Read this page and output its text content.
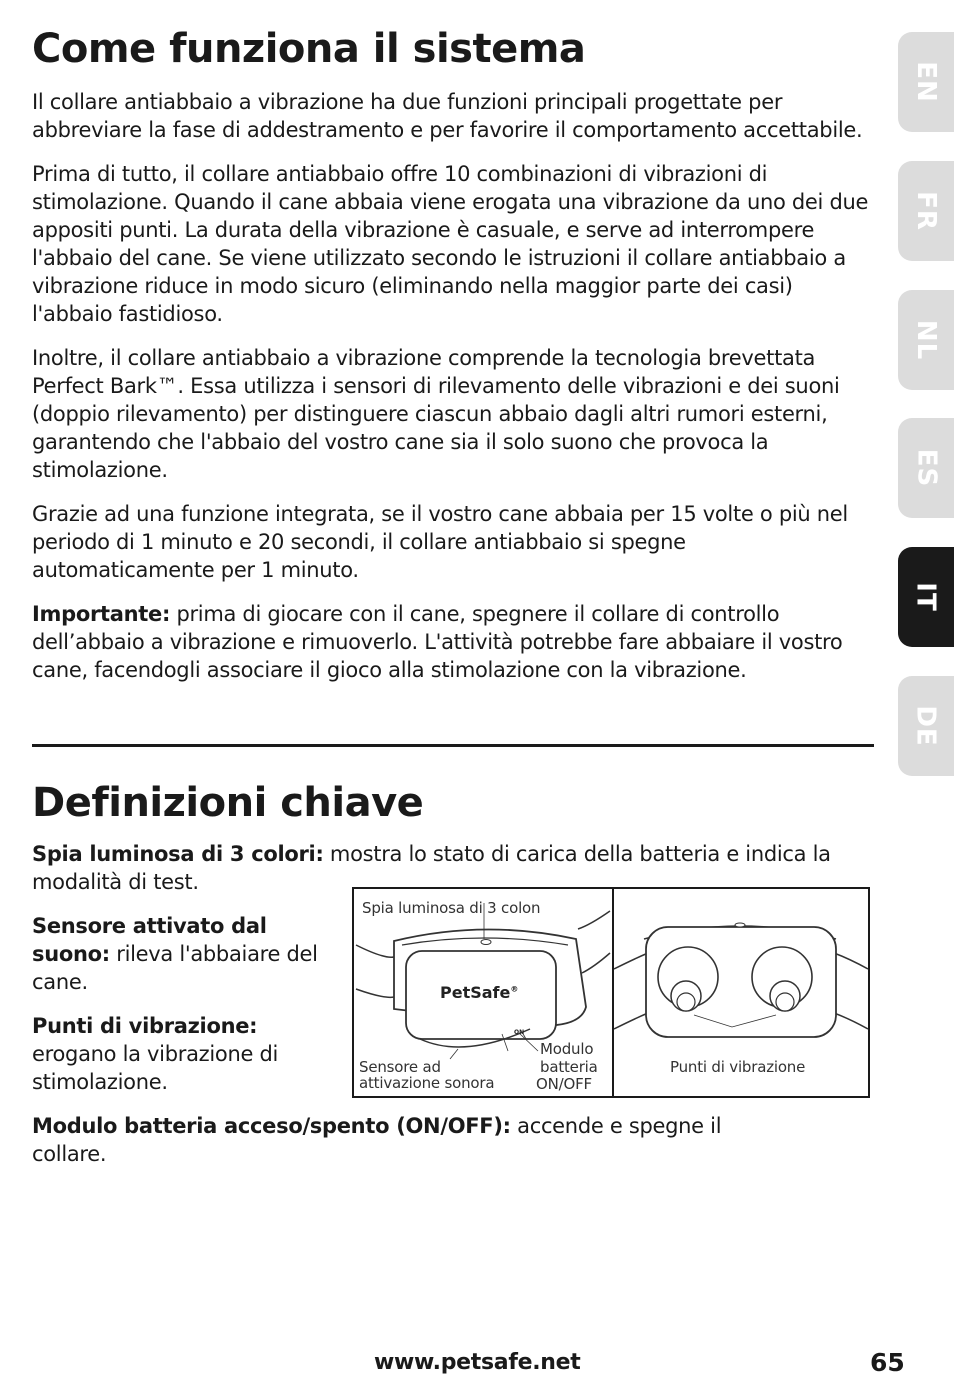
Come funziona il sistema

Il collare antiabbaio a vibrazione ha due funzioni principali progettate per abbreviare la fase di addestramento e per favorire il comportamento accettabile.

Prima di tutto, il collare antiabbaio offre 10 combinazioni di vibrazioni di stimolazione. Quando il cane abbaia viene erogata una vibrazione da uno dei due appositi punti. La durata della vibrazione è casuale, e serve ad interrompere l'abbaio del cane. Se viene utilizzato secondo le istruzioni il collare antiabbaio a vibrazione riduce in modo sicuro (eliminando nella maggior parte dei casi) l'abbaio fastidioso.

Inoltre, il collare antiabbaio a vibrazione comprende la tecnologia brevettata Perfect Bark™. Essa utilizza i sensori di rilevamento delle vibrazioni e dei suoni (doppio rilevamento) per distinguere ciascun abbaio dagli altri rumori esterni, garantendo che l'abbaio del vostro cane sia il solo suono che provoca la stimolazione.

Grazie ad una funzione integrata, se il vostro cane abbaia per 15 volte o più nel periodo di 1 minuto e 20 secondi, il collare antiabbaio si spegne automaticamente per 1 minuto.

Importante: prima di giocare con il cane, spegnere il collare di controllo dell’abbaio a vibrazione e rimuoverlo. L'attività potrebbe fare abbaiare il vostro cane, facendogli associare il gioco alla stimolazione con la vibrazione.

Definizioni chiave

Spia luminosa di 3 colori: mostra lo stato di carica della batteria e indica la modalità di test.

Sensore attivato dal suono: rileva l'abbaiare del cane.

Punti di vibrazione: erogano la vibrazione di stimolazione.

Modulo batteria acceso/spento (ON/OFF): accende e spegne il collare.

Spia luminosa di 3 colon
PetSafe®
ON
Sensore ad
attivazione sonora
Modulo
batteria
ON/OFF
Punti di vibrazione
EN
FR
NL
ES
IT
DE
www.petsafe.net	65
